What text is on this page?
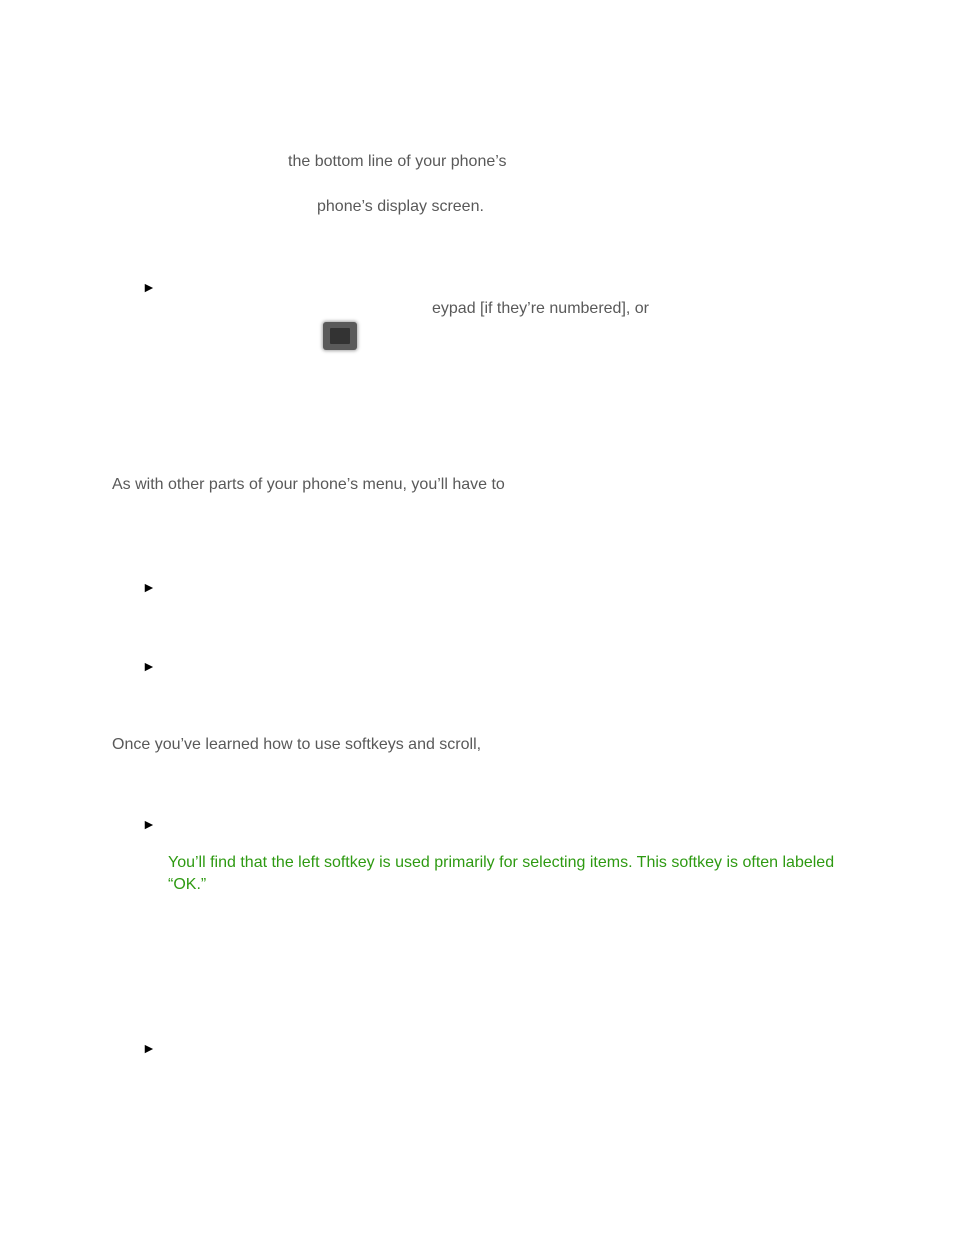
the bottom line of your phone’s
phone’s display screen.
►
eypad [if they’re numbered], or
As with other parts of your phone’s menu, you’ll have to
►
►
Once you’ve learned how to use softkeys and scroll,
►
You’ll find that the left softkey is used primarily for selecting items. This softkey is often labeled “OK.”
►
